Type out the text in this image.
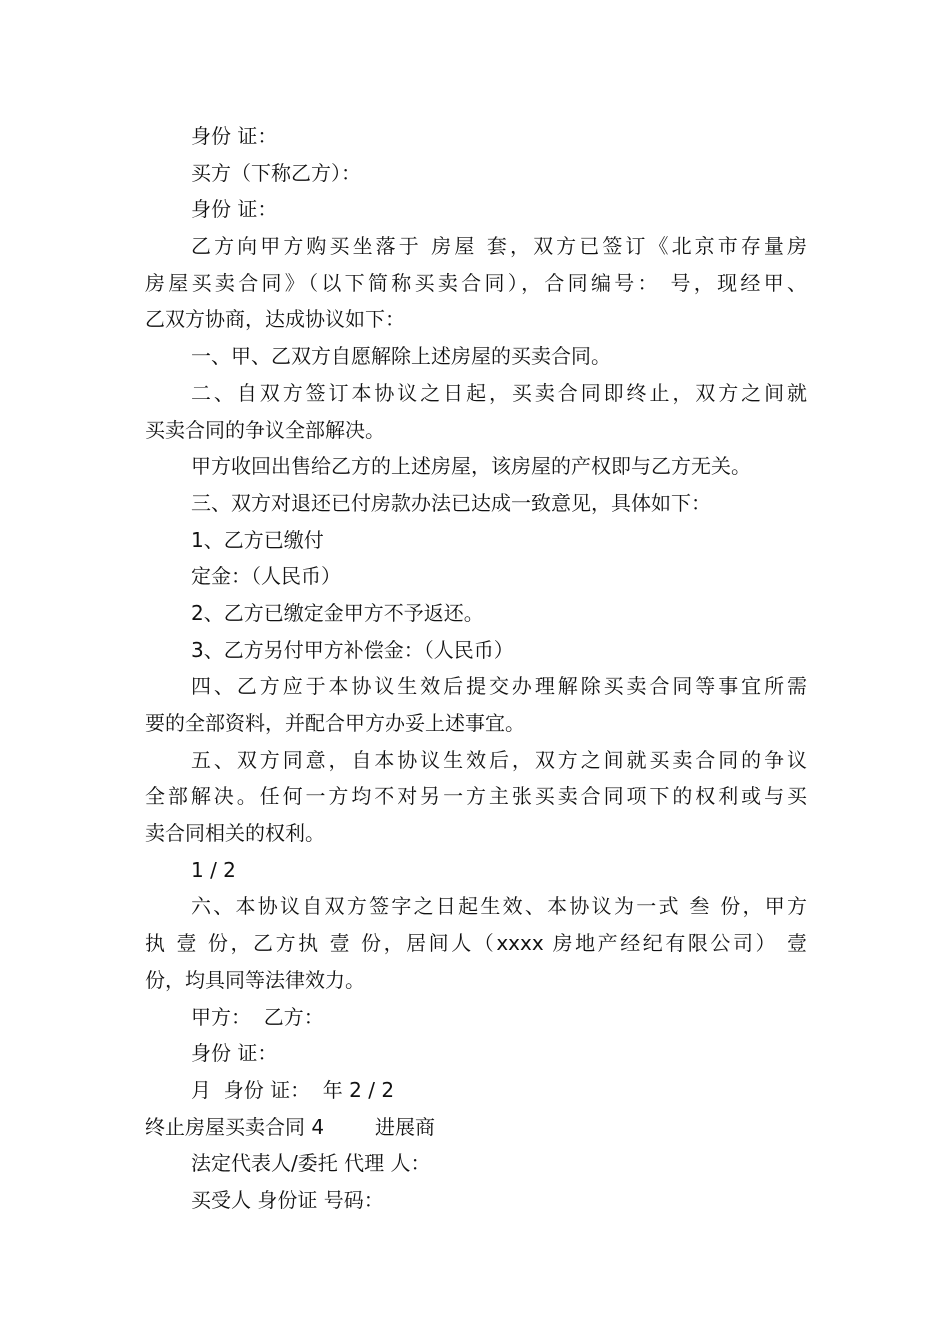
身份 证：
买方（下称乙方）：
身份 证：
乙方向甲方购买坐落于 房屋 套，双方已签订《北京市存量房
房屋买卖合同》（以下简称买卖合同），合同编号： 号，现经甲、
乙双方协商，达成协议如下：
一、甲、乙双方自愿解除上述房屋的买卖合同。
二、自双方签订本协议之日起，买卖合同即终止，双方之间就
买卖合同的争议全部解决。
甲方收回出售给乙方的上述房屋，该房屋的产权即与乙方无关。
三、双方对退还已付房款办法已达成一致意见，具体如下：
1、乙方已缴付
定金：（人民币）
2、乙方已缴定金甲方不予返还。
3、乙方另付甲方补偿金：（人民币）
四、乙方应于本协议生效后提交办理解除买卖合同等事宜所需
要的全部资料，并配合甲方办妥上述事宜。
五、双方同意，自本协议生效后，双方之间就买卖合同的争议
全部解决。任何一方均不对另一方主张买卖合同项下的权利或与买
卖合同相关的权利。
1 / 2
六、本协议自双方签字之日起生效、本协议为一式 叁 份，甲方
执 壹 份，乙方执 壹 份，居间人（xxxx 房地产经纪有限公司） 壹
份，均具同等法律效力。
甲方：  乙方：
身份 证：
月  身份 证：  年 2 / 2
终止房屋买卖合同 4        进展商
法定代表人/委托 代理 人：
买受人 身份证 号码：
